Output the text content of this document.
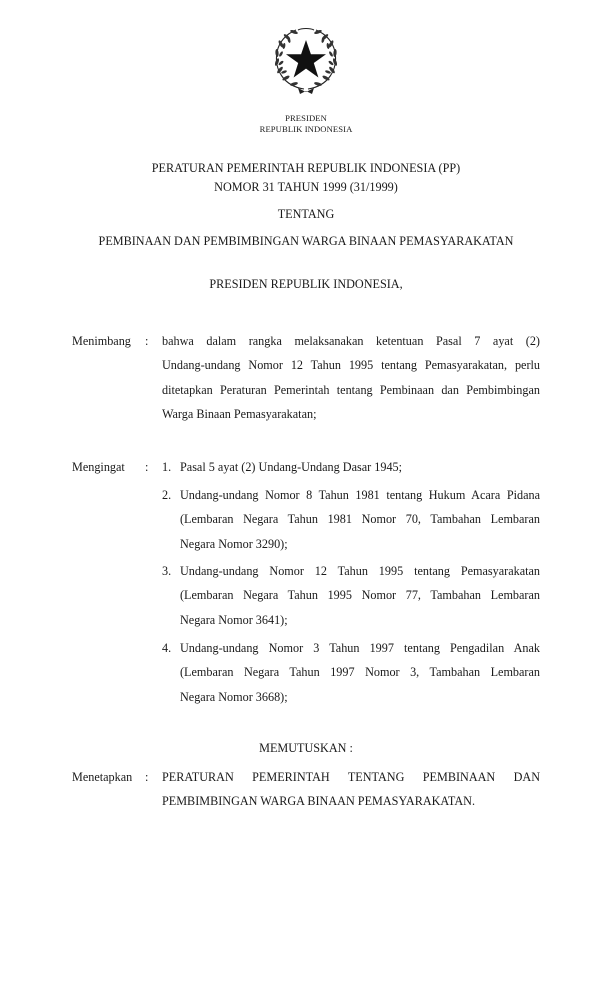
PRESIDEN
REPUBLIK INDONESIA
PERATURAN PEMERINTAH REPUBLIK INDONESIA (PP)
NOMOR 31 TAHUN 1999 (31/1999)
TENTANG
PEMBINAAN DAN PEMBIMBINGAN WARGA BINAAN PEMASYARAKATAN
PRESIDEN REPUBLIK INDONESIA,
Menimbang : bahwa dalam rangka melaksanakan ketentuan Pasal 7 ayat (2)
Undang-undang Nomor 12 Tahun 1995 tentang Pemasyarakatan, perlu
ditetapkan Peraturan Pemerintah tentang Pembinaan dan Pembimbingan
Warga Binaan Pemasyarakatan;
Mengingat : 1. Pasal 5 ayat (2) Undang-Undang Dasar 1945;
2. Undang-undang Nomor 8 Tahun 1981 tentang Hukum Acara Pidana
(Lembaran Negara Tahun 1981 Nomor 70, Tambahan Lembaran
Negara Nomor 3290);
3. Undang-undang Nomor 12 Tahun 1995 tentang Pemasyarakatan
(Lembaran Negara Tahun 1995 Nomor 77, Tambahan Lembaran
Negara Nomor 3641);
4. Undang-undang Nomor 3 Tahun 1997 tentang Pengadilan Anak
(Lembaran Negara Tahun 1997 Nomor 3, Tambahan Lembaran
Negara Nomor 3668);
MEMUTUSKAN :
Menetapkan : PERATURAN PEMERINTAH TENTANG PEMBINAAN DAN
PEMBIMBINGAN WARGA BINAAN PEMASYARAKATAN.
